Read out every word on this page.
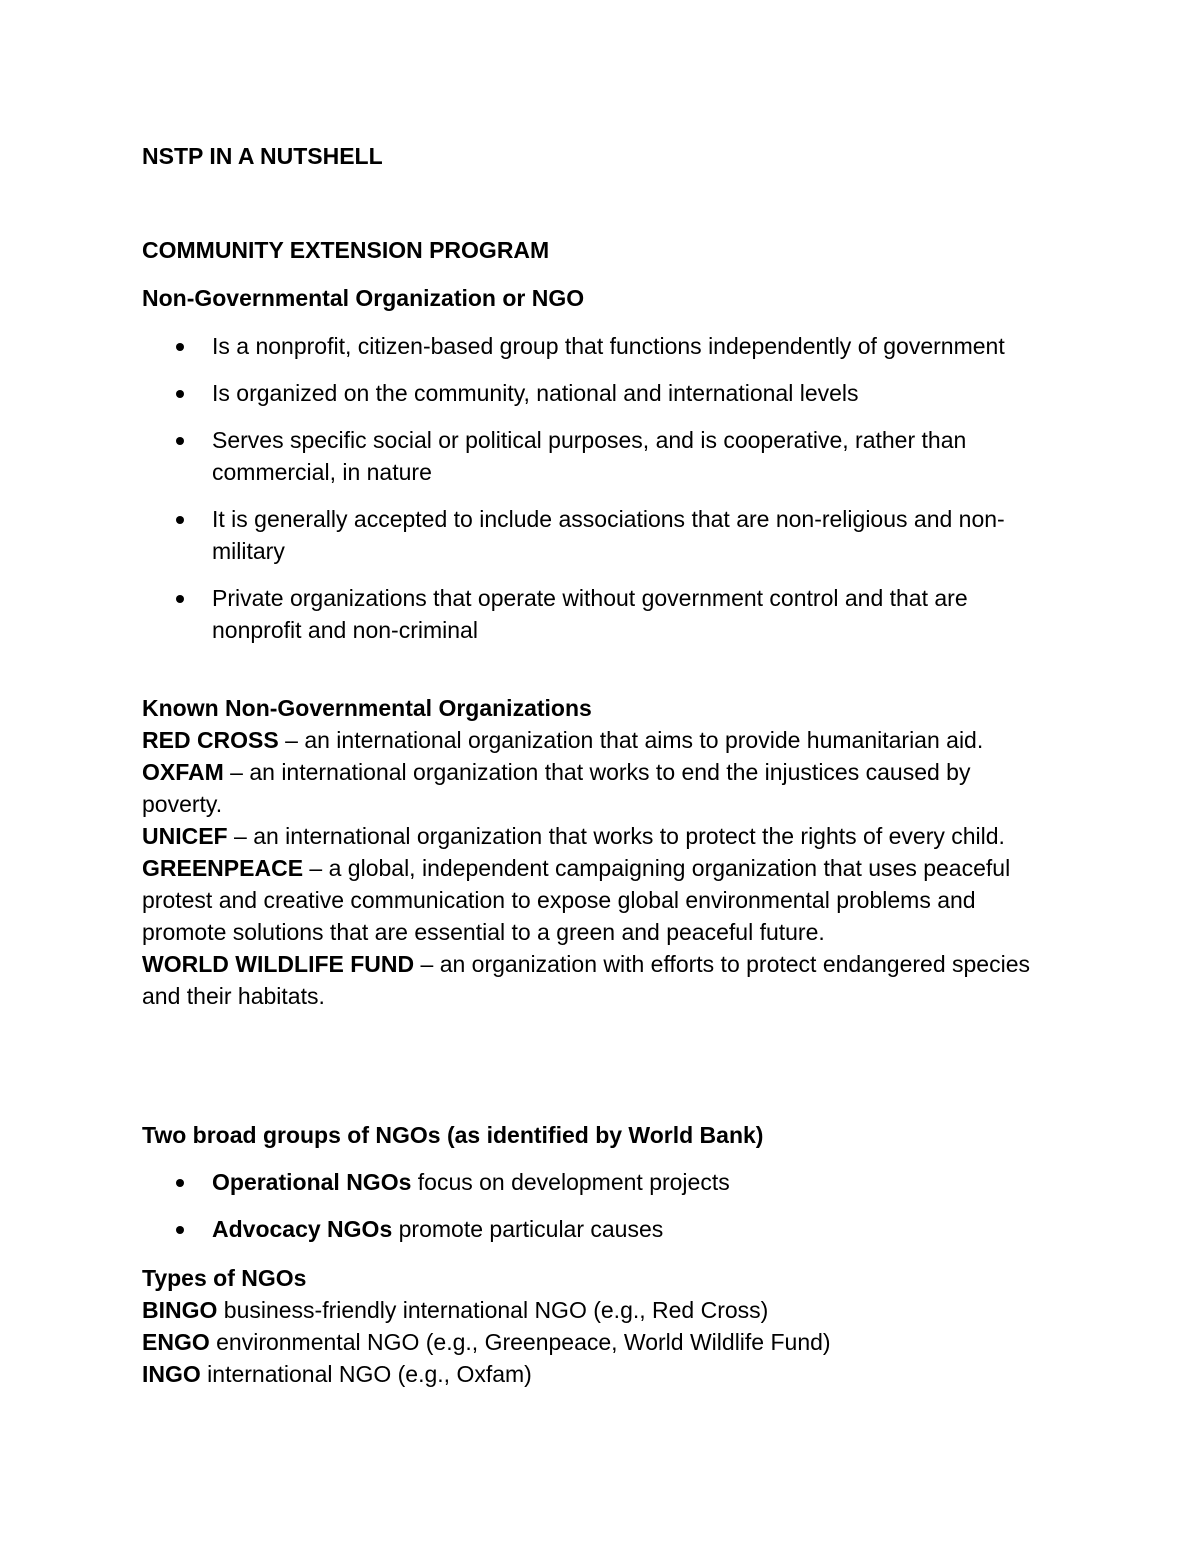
NSTP IN A NUTSHELL
COMMUNITY EXTENSION PROGRAM
Non-Governmental Organization or NGO
Is a nonprofit, citizen-based group that functions independently of government
Is organized on the community, national and international levels
Serves specific social or political purposes, and is cooperative, rather than commercial, in nature
It is generally accepted to include associations that are non-religious and non-military
Private organizations that operate without government control and that are nonprofit and non-criminal

Known Non-Governmental Organizations

RED CROSS – an international organization that aims to provide humanitarian aid.

OXFAM – an international organization that works to end the injustices caused by poverty.

UNICEF – an international organization that works to protect the rights of every child.

GREENPEACE – a global, independent campaigning organization that uses peaceful protest and creative communication to expose global environmental problems and promote solutions that are essential to a green and peaceful future.

WORLD WILDLIFE FUND – an organization with efforts to protect endangered species and their habitats.

Two broad groups of NGOs (as identified by World Bank)
Operational NGOs focus on development projects
Advocacy NGOs promote particular causes

Types of NGOs

BINGO business-friendly international NGO (e.g., Red Cross)

ENGO environmental NGO (e.g., Greenpeace, World Wildlife Fund)

INGO international NGO (e.g., Oxfam)
